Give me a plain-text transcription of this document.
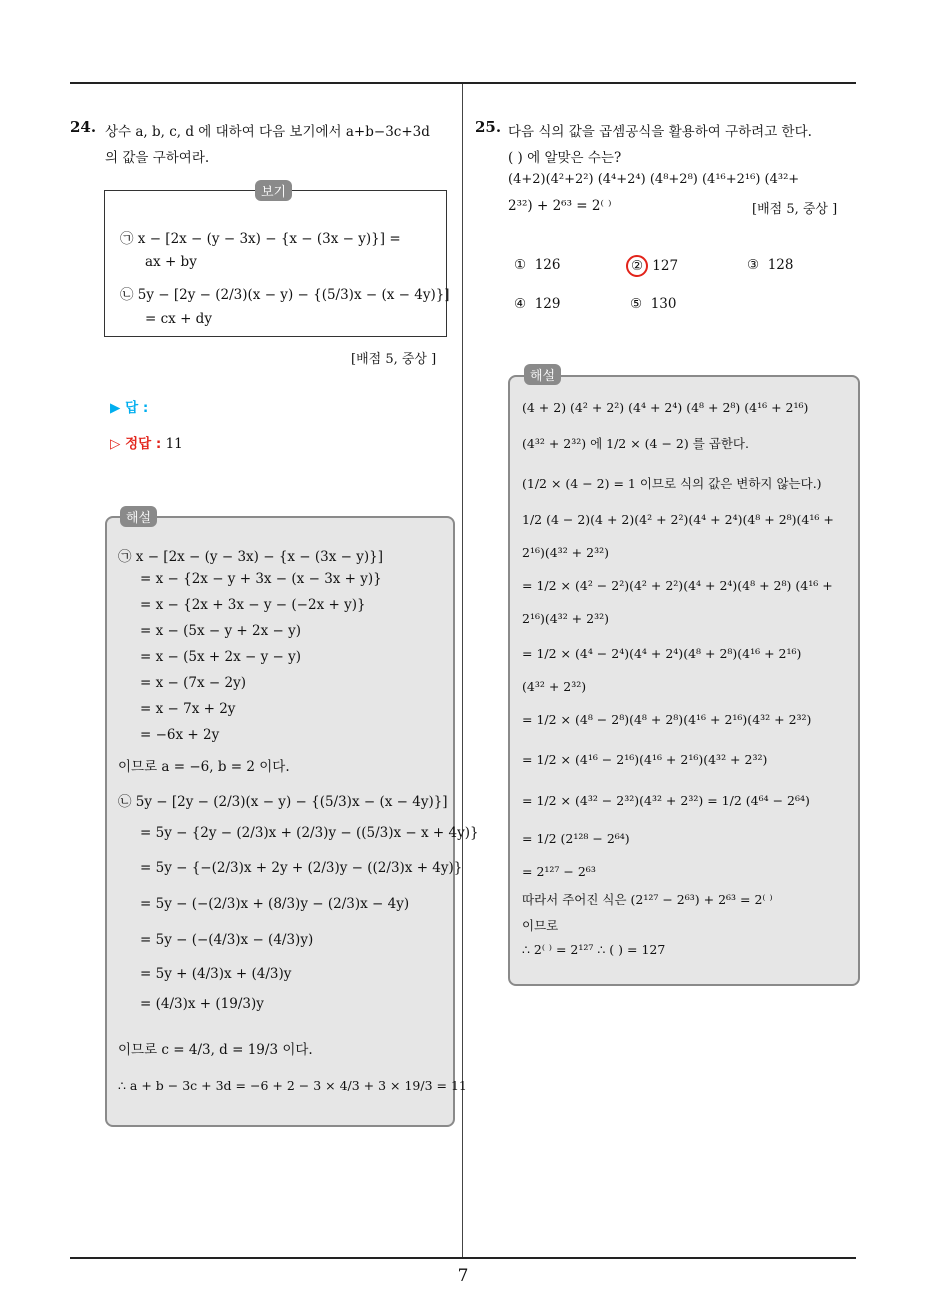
24. 상수 a, b, c, d 에 대하여 다음 보기에서 a+b−3c+3d
의 값을 구하여라.
보기
㉠ x − [2x − (y − 3x) − {x − (3x − y)}] =
ax + by
㉡ 5y − [2y − (2/3)(x − y) − {(5/3)x − (x − 4y)}]
= cx + dy
[배점 5, 중상 ]
▶ 답 :
▷ 정답 : 11
해설
㉠ x − [2x − (y − 3x) − {x − (3x − y)}]
= x − {2x − y + 3x − (x − 3x + y)}
= x − {2x + 3x − y − (−2x + y)}
= x − (5x − y + 2x − y)
= x − (5x + 2x − y − y)
= x − (7x − 2y)
= x − 7x + 2y
= −6x + 2y
이므로 a = −6, b = 2 이다.
㉡ 5y − [2y − (2/3)(x − y) − {(5/3)x − (x − 4y)}]
= 5y − {2y − (2/3)x + (2/3)y − ((5/3)x − x + 4y)}
= 5y − {−(2/3)x + 2y + (2/3)y − ((2/3)x + 4y)}
= 5y − (−(2/3)x + (8/3)y − (2/3)x − 4y)
= 5y − (−(4/3)x − (4/3)y)
= 5y + (4/3)x + (4/3)y
= (4/3)x + (19/3)y
이므로 c = 4/3, d = 19/3 이다.
∴ a + b − 3c + 3d = −6 + 2 − 3 × 4/3 + 3 × 19/3 = 11
25. 다음 식의 값을 곱셈공식을 활용하여 구하려고 한다.
( ) 에 알맞은 수는?
(4+2)(4²+2²) (4⁴+2⁴) (4⁸+2⁸) (4¹⁶+2¹⁶) (4³²+
2³²) + 2⁶³ = 2⁽ ⁾	[배점 5, 중상 ]
① 126	② 127	③ 128
④ 129	⑤ 130
해설
(4 + 2) (4² + 2²) (4⁴ + 2⁴) (4⁸ + 2⁸) (4¹⁶ + 2¹⁶)
(4³² + 2³²) 에 1/2 × (4 − 2) 를 곱한다.
(1/2 × (4 − 2) = 1 이므로 식의 값은 변하지 않는다.)
1/2 (4 − 2)(4 + 2)(4² + 2²)(4⁴ + 2⁴)(4⁸ + 2⁸)(4¹⁶ +
2¹⁶)(4³² + 2³²)
= 1/2 × (4² − 2²)(4² + 2²)(4⁴ + 2⁴)(4⁸ + 2⁸) (4¹⁶ +
2¹⁶)(4³² + 2³²)
= 1/2 × (4⁴ − 2⁴)(4⁴ + 2⁴)(4⁸ + 2⁸)(4¹⁶ + 2¹⁶)
(4³² + 2³²)
= 1/2 × (4⁸ − 2⁸)(4⁸ + 2⁸)(4¹⁶ + 2¹⁶)(4³² + 2³²)
= 1/2 × (4¹⁶ − 2¹⁶)(4¹⁶ + 2¹⁶)(4³² + 2³²)
= 1/2 × (4³² − 2³²)(4³² + 2³²) = 1/2 (4⁶⁴ − 2⁶⁴)
= 1/2 (2¹²⁸ − 2⁶⁴)
= 2¹²⁷ − 2⁶³
따라서 주어진 식은 (2¹²⁷ − 2⁶³) + 2⁶³ = 2⁽ ⁾
이므로
∴ 2⁽ ⁾ = 2¹²⁷ ∴ ( ) = 127
7
